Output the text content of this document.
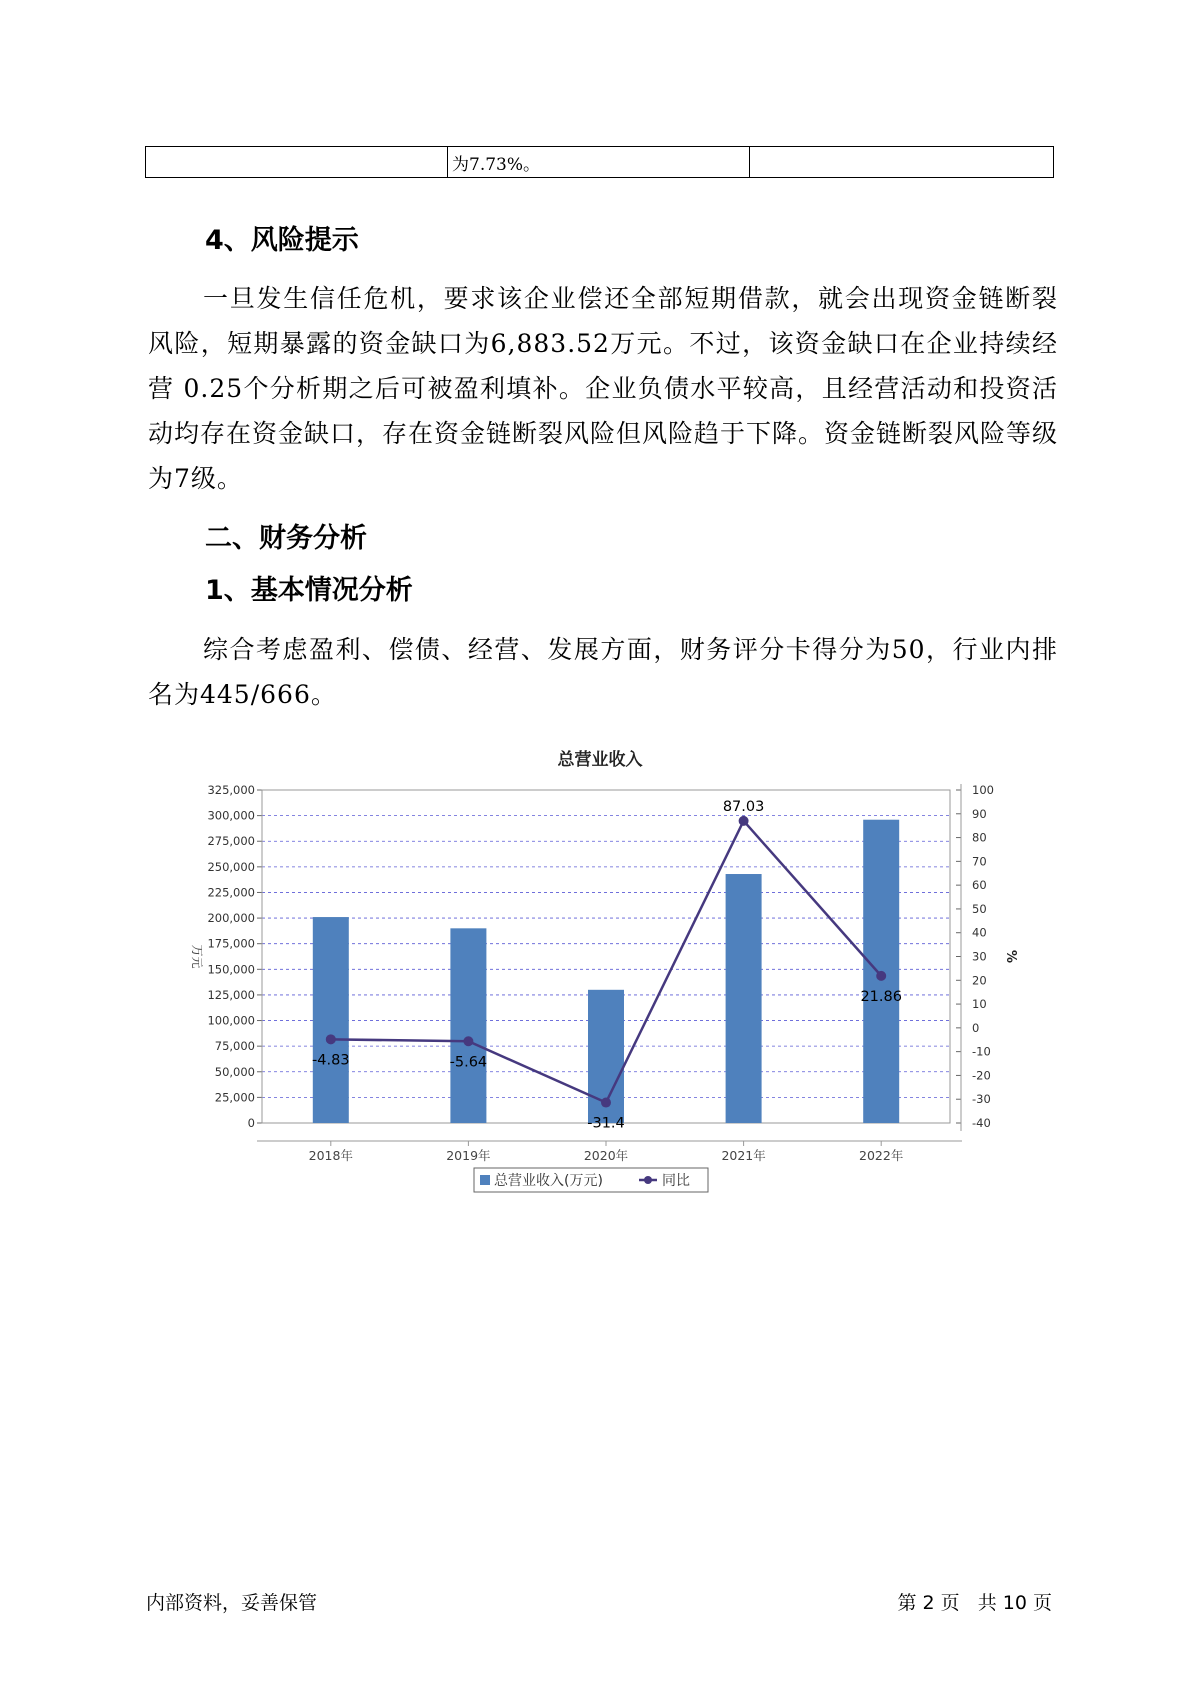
	为7.73%。	
4、风险提示

一旦发生信任危机，要求该企业偿还全部短期借款，就会出现资金链断裂风险，短期暴露的资金缺口为6,883.52万元。不过，该资金缺口在企业持续经营 0.25个分析期之后可被盈利填补。企业负债水平较高，且经营活动和投资活动均存在资金缺口，存在资金链断裂风险但风险趋于下降。资金链断裂风险等级为7级。

二、财务分析
1、基本情况分析

综合考虑盈利、偿债、经营、发展方面，财务评分卡得分为50，行业内排名为445/666。

总营业收入
0
25,000
50,000
75,000
100,000
125,000
150,000
175,000
200,000
225,000
250,000
275,000
300,000
325,000
-40
-30
-20
-10
0
10
20
30
40
50
60
70
80
90
100
万元	%
2018年	2019年	2020年	2021年	2022年
-4.83	-5.64
-31.4
87.03
21.86
总营业收入(万元)	同比
内部资料，妥善保管	第 2 页   共 10 页
